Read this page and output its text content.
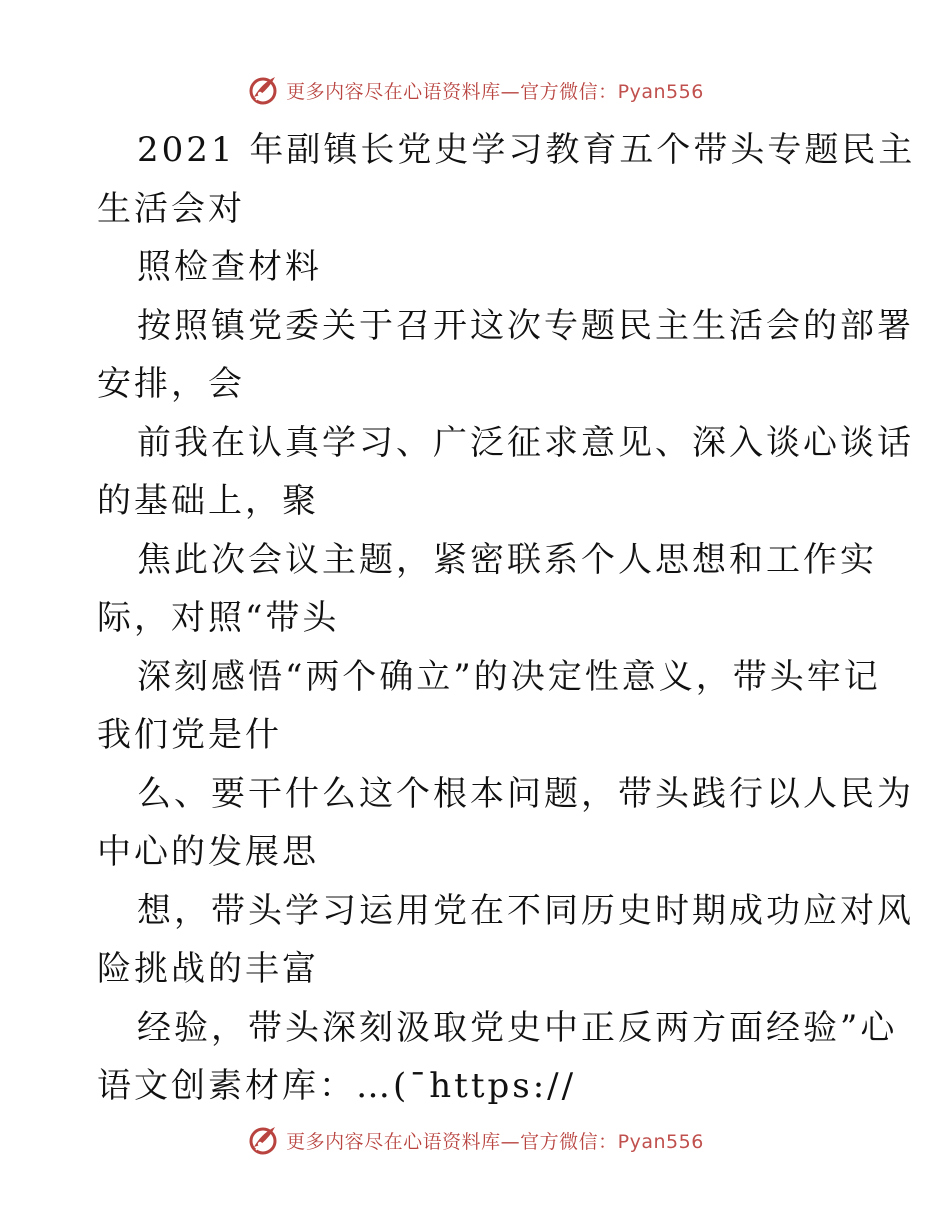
更多内容尽在心语资料库—官方微信：Pyan556
2021 年副镇长党史学习教育五个带头专题民主
生活会对
照检查材料
按照镇党委关于召开这次专题民主生活会的部署
安排，会
前我在认真学习、广泛征求意见、深入谈心谈话
的基础上，聚
焦此次会议主题，紧密联系个人思想和工作实
际，对照“带头
深刻感悟“两个确立”的决定性意义，带头牢记
我们党是什
么、要干什么这个根本问题，带头践行以人民为
中心的发展思
想，带头学习运用党在不同历史时期成功应对风
险挑战的丰富
经验，带头深刻汲取党史中正反两方面经验”心
语文创素材库：…(¯https://
更多内容尽在心语资料库—官方微信：Pyan556
